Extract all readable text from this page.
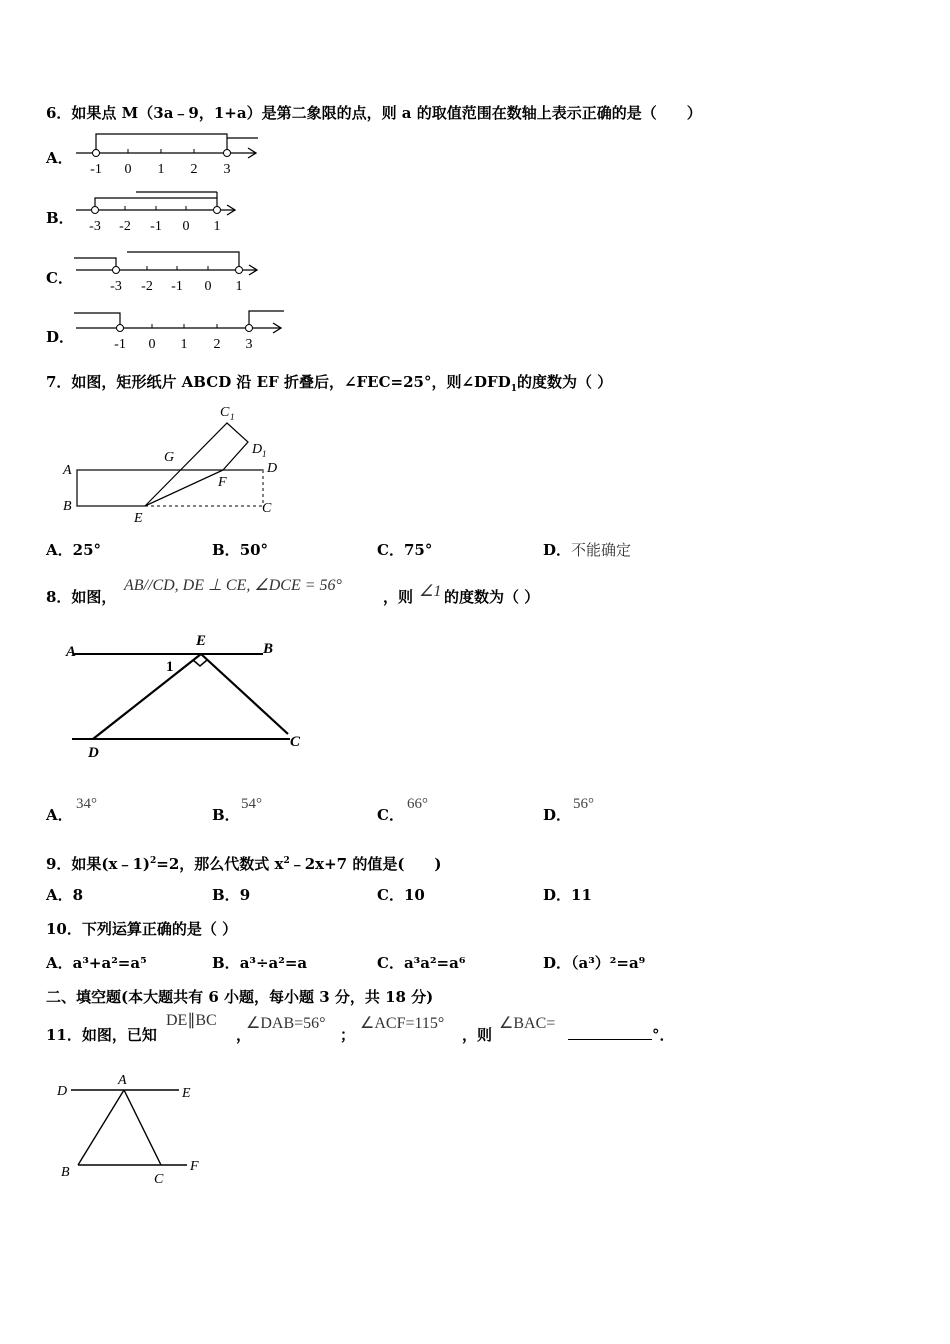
6．如果点 M（3a﹣9，1+a）是第二象限的点，则 a 的取值范围在数轴上表示正确的是（　　）
A．
-1 0 1 2 3
B． -3 -2 -1 0 1
C．	-3 -2 -1 0 1
D．	-1 0 1 2 3
7．如图，矩形纸片 ABCD 沿 EF 折叠后，∠FEC=25°，则$\angle DFD_1$的度数为（ ）
A
B
E
F
G
D
C
C 1
D 1
A．25°	B．50°	C．75°	D．不能确定
8．如图，
AB//CD, DE ⊥ CE, ∠DCE = 56°
，则 ∠1 的度数为（ ）
A	B
E
1
D
C
A．
34°
B．
54°
C．
66°
D．
56°
9．如果(x﹣1)$^2$=2，那么代数式 $x^2﹣2x+7$ 的值是(　　)
A．8	B．9	C．10	D．11
10．下列运算正确的是（ ）
A．a³+a²=a⁵	B．a³÷a²=a	C．a³a²=a⁶	D．（a³）²=a⁹
二、填空题(本大题共有 6 小题，每小题 3 分，共 18 分)
11．如图，已知
DE∥BC
，
∠DAB=56°
；
∠ACF=115°
，则
∠BAC=
°．
D
A
E
B	C
F
